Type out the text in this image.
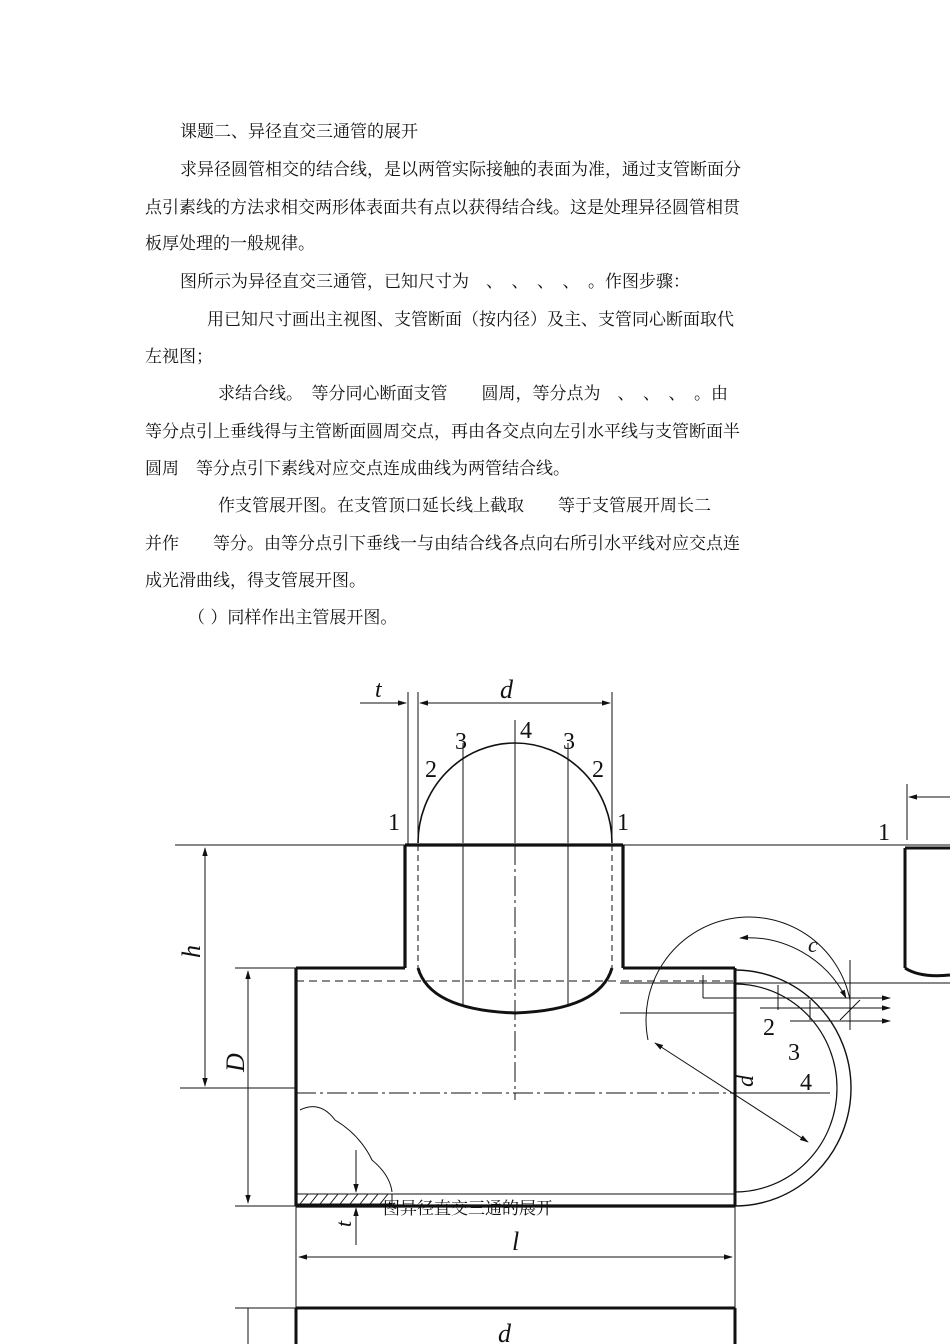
课题二、异径直交三通管的展开
求异径圆管相交的结合线，是以两管实际接触的表面为准，通过支管断面分
点引素线的方法求相交两形体表面共有点以获得结合线。这是处理异径圆管相贯
板厚处理的一般规律。
图所示为异径直交三通管，已知尺寸为　、　、　、　、　。作图步骤：
用已知尺寸画出主视图、支管断面（按内径）及主、支管同心断面取代
左视图；
求结合线。　等分同心断面支管　　圆周，等分点为　、　、　、　。由
等分点引上垂线得与主管断面圆周交点，再由各交点向左引水平线与支管断面半
圆周　等分点引下素线对应交点连成曲线为两管结合线。
作支管展开图。在支管顶口延长线上截取　　等于支管展开周长二
并作　　等分。由等分点引下垂线一与由结合线各点向右所引水平线对应交点连
成光滑曲线，得支管展开图。
（ ）同样作出主管展开图。
t	d
2
3 4 3
2
1	1	1
h
D
c
2
3
4
d
t
l
d
图异径直交三通的展开
